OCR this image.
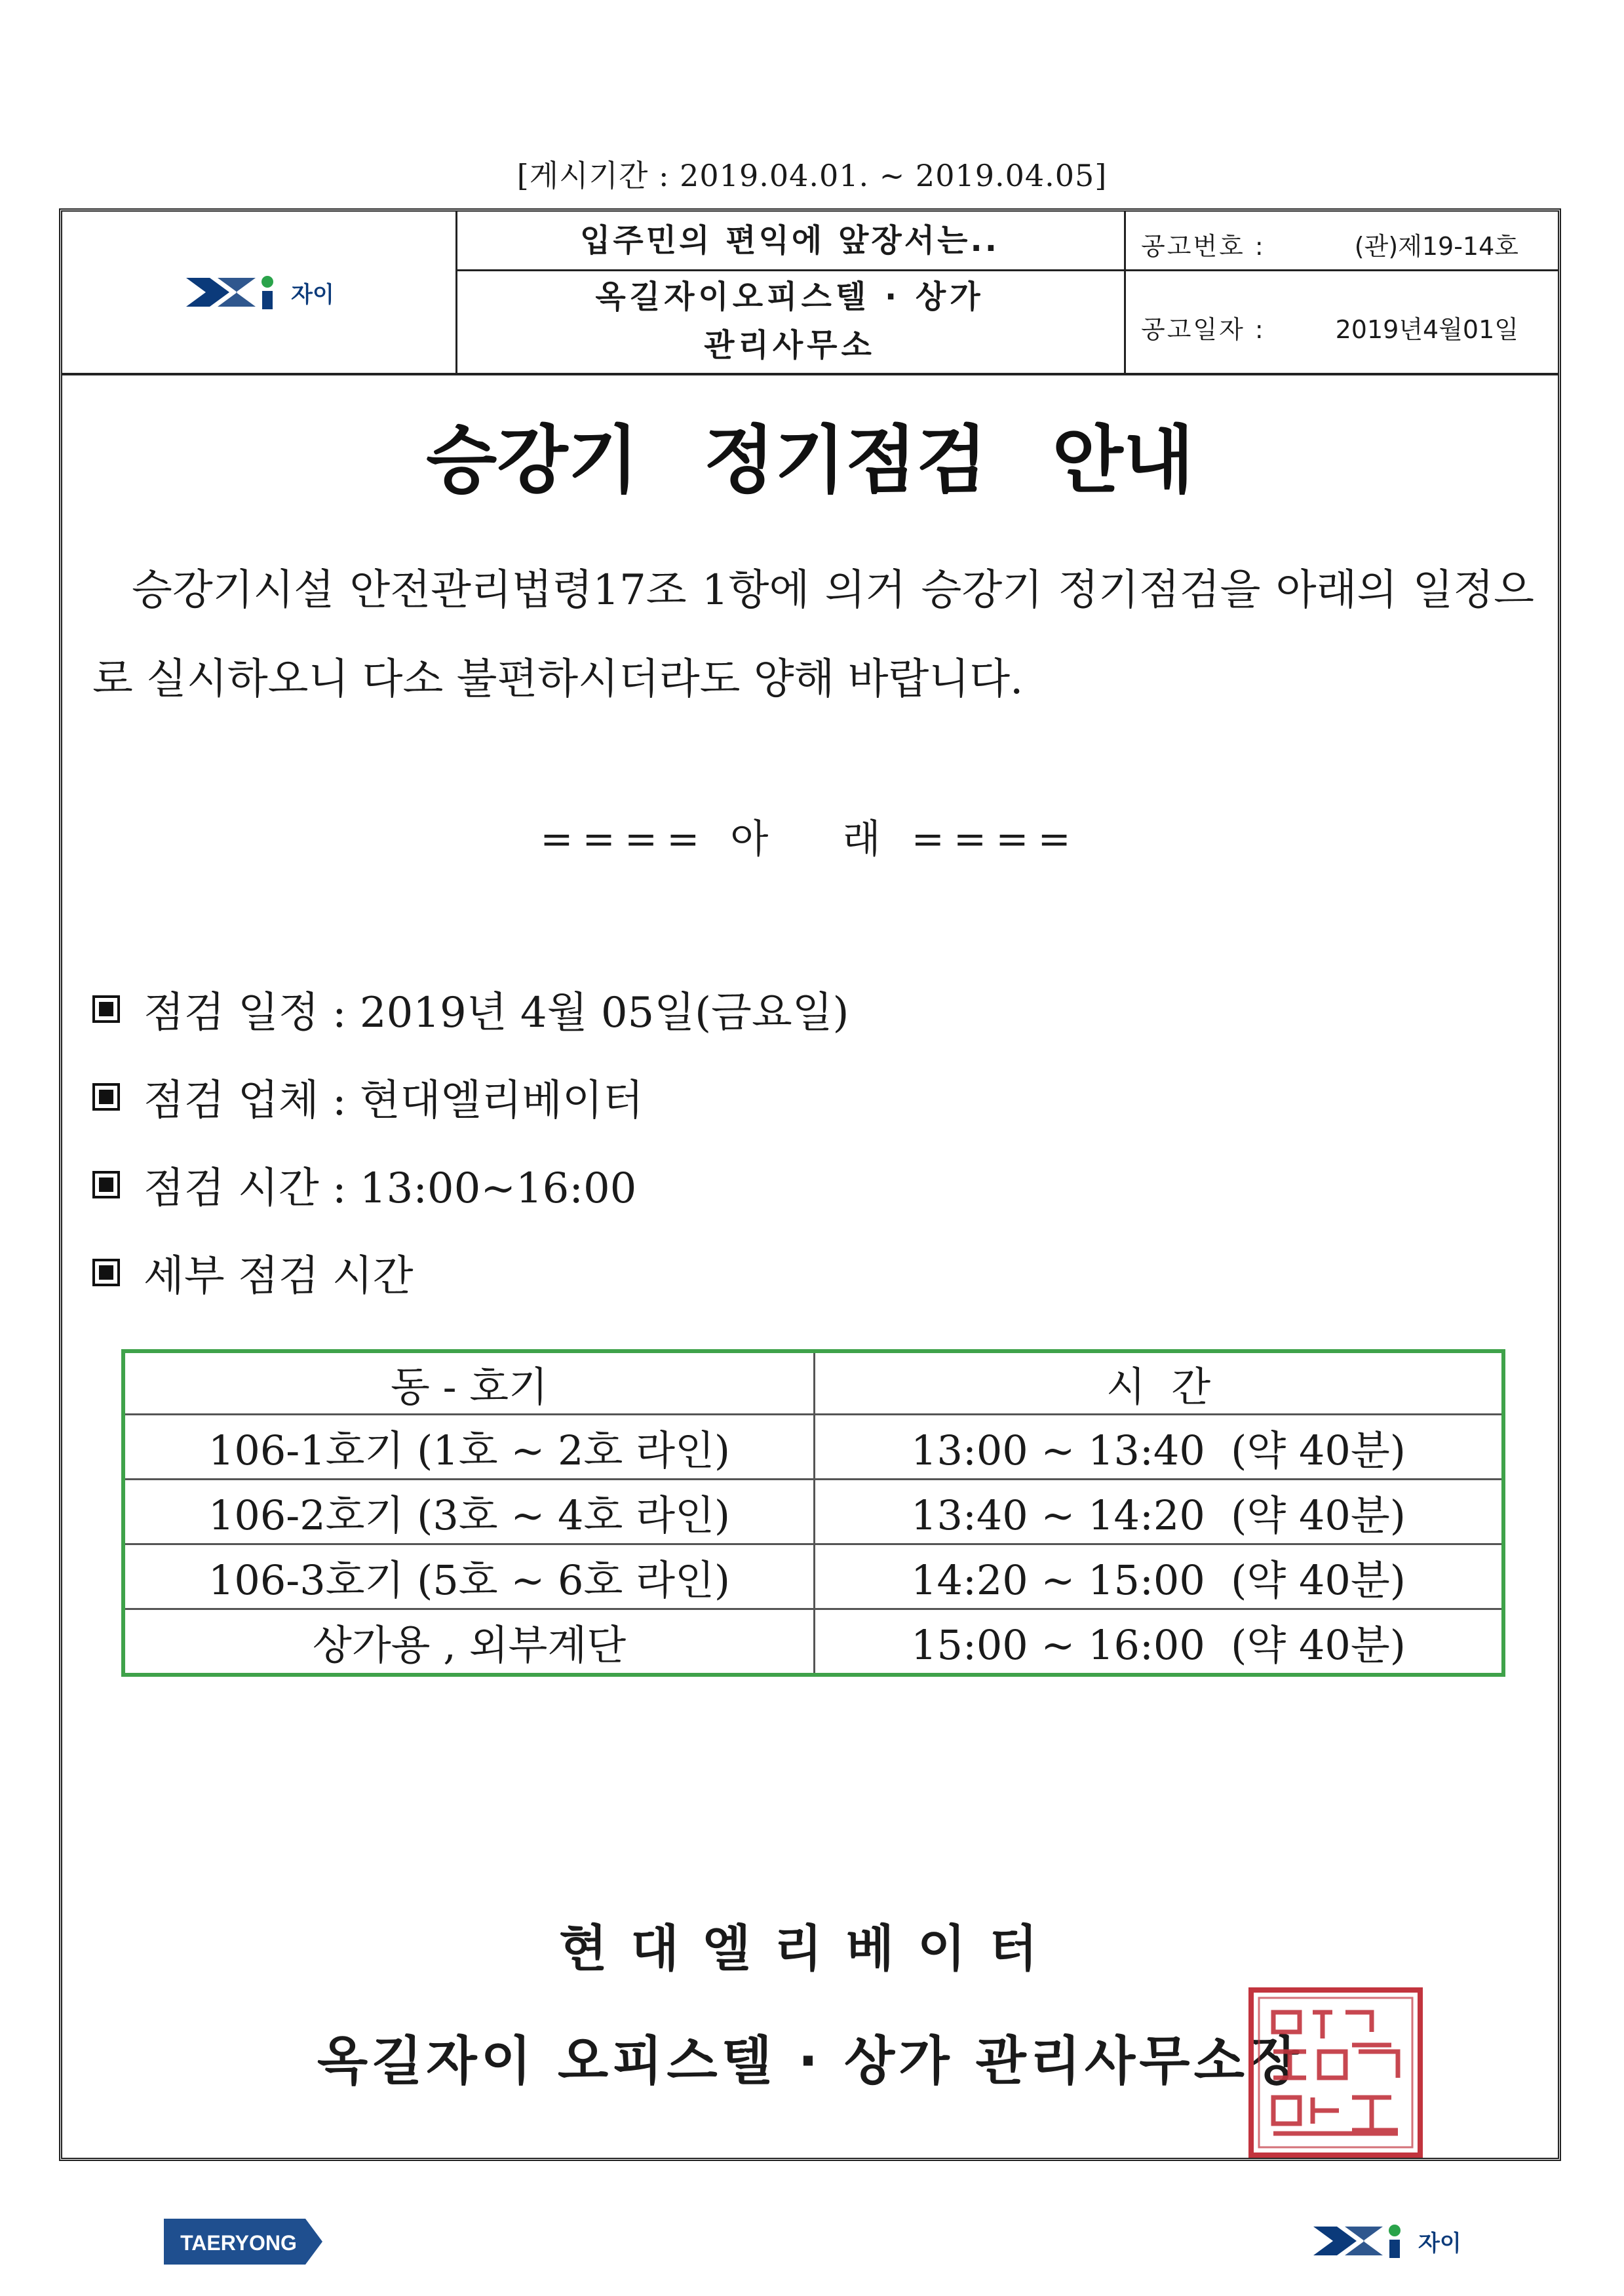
[게시기간 : 2019.04.01. ~ 2019.04.05]
자이
입주민의 편익에 앞장서는..
옥길자이오피스텔 · 상가
관리사무소
공고번호 :	(관)제19-14호
공고일자 :	2019년4월01일
승강기 정기점검 안내
승강기시설 안전관리법령17조 1항에 의거 승강기 정기점검을 아래의 일정으로 실시하오니 다소 불편하시더라도 양해 바랍니다.
==== 아   래 ====
점검 일정 : 2019년 4월 05일(금요일)
점검 업체 : 현대엘리베이터
점검 시간 : 13:00~16:00
세부 점검 시간
동 - 호기	시  간
106-1호기 (1호 ~ 2호 라인)	13:00 ~ 13:40  (약 40분)
106-2호기 (3호 ~ 4호 라인)	13:40 ~ 14:20  (약 40분)
106-3호기 (5호 ~ 6호 라인)	14:20 ~ 15:00  (약 40분)
상가용 , 외부계단	15:00 ~ 16:00  (약 40분)
현대엘리베이터
옥길자이 오피스텔 · 상가 관리사무소장
TAERYONG	자이
